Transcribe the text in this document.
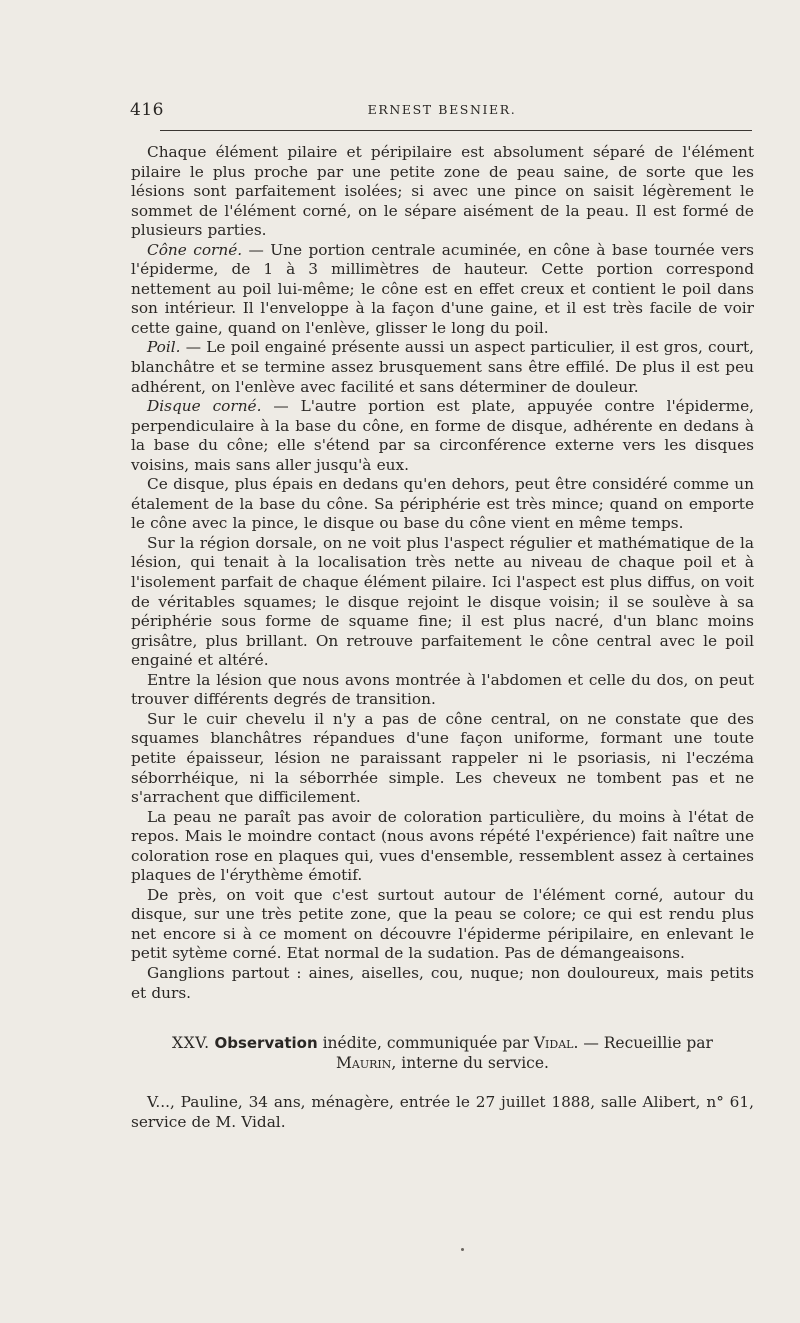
416	ERNEST BESNIER.

Chaque élément pilaire et péripilaire est absolument séparé de l'élément pilaire le plus proche par une petite zone de peau saine, de sorte que les lésions sont parfaitement isolées; si avec une pince on saisit légèrement le sommet de l'élément corné, on le sépare aisément de la peau. Il est formé de plusieurs parties.

Cône corné. — Une portion centrale acuminée, en cône à base tournée vers l'épiderme, de 1 à 3 millimètres de hauteur. Cette portion correspond nettement au poil lui-même; le cône est en effet creux et contient le poil dans son intérieur. Il l'enveloppe à la façon d'une gaine, et il est très facile de voir cette gaine, quand on l'enlève, glisser le long du poil.

Poil. — Le poil engainé présente aussi un aspect particulier, il est gros, court, blanchâtre et se termine assez brusquement sans être effilé. De plus il est peu adhérent, on l'enlève avec facilité et sans déterminer de douleur.

Disque corné. — L'autre portion est plate, appuyée contre l'épiderme, perpendiculaire à la base du cône, en forme de disque, adhérente en dedans à la base du cône; elle s'étend par sa circonférence externe vers les disques voisins, mais sans aller jusqu'à eux.

Ce disque, plus épais en dedans qu'en dehors, peut être considéré comme un étalement de la base du cône. Sa périphérie est très mince; quand on emporte le cône avec la pince, le disque ou base du cône vient en même temps.

Sur la région dorsale, on ne voit plus l'aspect régulier et mathématique de la lésion, qui tenait à la localisation très nette au niveau de chaque poil et à l'isolement parfait de chaque élément pilaire. Ici l'aspect est plus diffus, on voit de véritables squames; le disque rejoint le disque voisin; il se soulève à sa périphérie sous forme de squame fine; il est plus nacré, d'un blanc moins grisâtre, plus brillant. On retrouve parfaitement le cône central avec le poil engainé et altéré.

Entre la lésion que nous avons montrée à l'abdomen et celle du dos, on peut trouver différents degrés de transition.

Sur le cuir chevelu il n'y a pas de cône central, on ne constate que des squames blanchâtres répandues d'une façon uniforme, formant une toute petite épaisseur, lésion ne paraissant rappeler ni le psoriasis, ni l'eczéma séborrhéique, ni la séborrhée simple. Les cheveux ne tombent pas et ne s'arrachent que difficilement.

La peau ne paraît pas avoir de coloration particulière, du moins à l'état de repos. Mais le moindre contact (nous avons répété l'expérience) fait naître une coloration rose en plaques qui, vues d'ensemble, ressemblent assez à certaines plaques de l'érythème émotif.

De près, on voit que c'est surtout autour de l'élément corné, autour du disque, sur une très petite zone, que la peau se colore; ce qui est rendu plus net encore si à ce moment on découvre l'épiderme péripilaire, en enlevant le petit sytème corné. Etat normal de la sudation. Pas de démangeaisons.

Ganglions partout : aines, aiselles, cou, nuque; non douloureux, mais petits et durs.

XXV. Observation inédite, communiquée par Vidal. — Recueillie par
Maurin, interne du service.

V..., Pauline, 34 ans, ménagère, entrée le 27 juillet 1888, salle Alibert, n° 61, service de M. Vidal.
